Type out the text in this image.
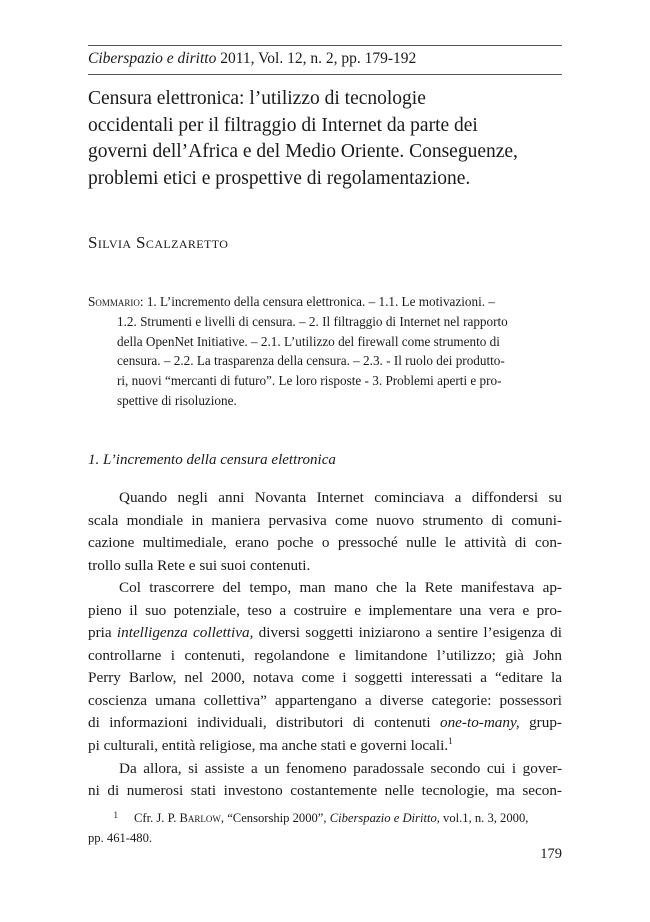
Ciberspazio e diritto 2011, Vol. 12, n. 2, pp. 179-192
Censura elettronica: l’utilizzo di tecnologie
occidentali per il filtraggio di Internet da parte dei
governi dell’Africa e del Medio Oriente. Conseguenze,
problemi etici e prospettive di regolamentazione.
Silvia Scalzaretto
Sommario: 1. L’incremento della censura elettronica. – 1.1. Le motivazioni. –
1.2. Strumenti e livelli di censura. – 2. Il filtraggio di Internet nel rapporto
della OpenNet Initiative. – 2.1. L’utilizzo del firewall come strumento di
censura. – 2.2. La trasparenza della censura. – 2.3. - Il ruolo dei produtto-
ri, nuovi “mercanti di futuro”. Le loro risposte - 3. Problemi aperti e pro-
spettive di risoluzione.
1. L’incremento della censura elettronica
Quando negli anni Novanta Internet cominciava a diffondersi su
scala mondiale in maniera pervasiva come nuovo strumento di comuni-
cazione multimediale, erano poche o pressoché nulle le attività di con-
trollo sulla Rete e sui suoi contenuti.
Col trascorrere del tempo, man mano che la Rete manifestava ap-
pieno il suo potenziale, teso a costruire e implementare una vera e pro-
pria intelligenza collettiva, diversi soggetti iniziarono a sentire l’esigenza di
controllarne i contenuti, regolandone e limitandone l’utilizzo; già John
Perry Barlow, nel 2000, notava come i soggetti interessati a “editare la
coscienza umana collettiva” appartengano a diverse categorie: possessori
di informazioni individuali, distributori di contenuti one-to-many, grup-
pi culturali, entità religiose, ma anche stati e governi locali.$^1$
Da allora, si assiste a un fenomeno paradossale secondo cui i gover-
ni di numerosi stati investono costantemente nelle tecnologie, ma secon-
1 Cfr. J. P. Barlow, “Censorship 2000”, Ciberspazio e Diritto, vol.1, n. 3, 2000,
pp. 461-480.
179
